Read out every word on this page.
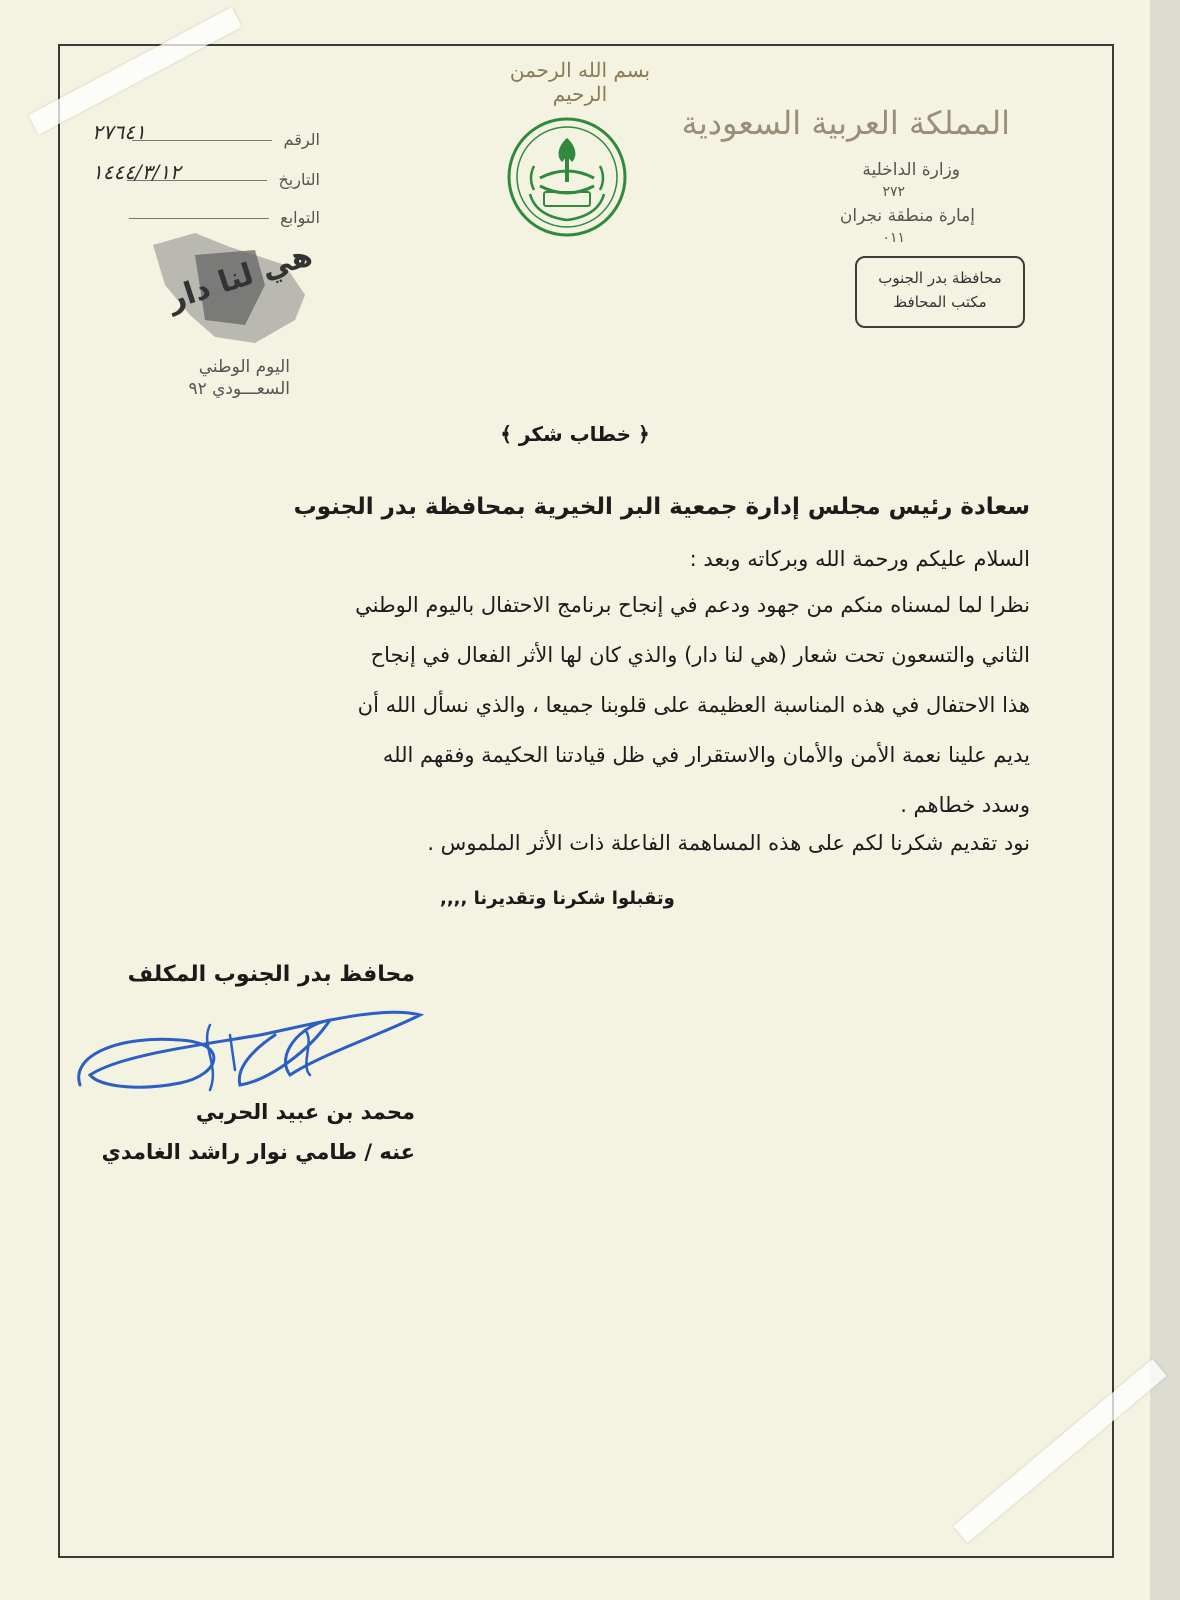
بسم الله الرحمن الرحيم
المملكة العربية السعودية
وزارة الداخلية
٢٧٢
إمارة منطقة نجران
٠١١
محافظة بدر الجنوب
مكتب المحافظ
الرقم
٢٧٦٤١
التاريخ
١٤٤٤/٣/١٢
التوابع
هي لنا دار
اليوم الوطني
السعـــودي ٩٢
﴿ خطاب شكر ﴾
سعادة رئيس مجلس إدارة جمعية البر الخيرية بمحافظة بدر الجنوب
السلام عليكم ورحمة الله وبركاته وبعد :
نظرا لما لمسناه منكم من جهود ودعم في إنجاح برنامج الاحتفال باليوم الوطني
الثاني والتسعون تحت شعار (هي لنا دار) والذي كان لها الأثر الفعال في إنجاح
هذا الاحتفال في هذه المناسبة العظيمة على قلوبنا جميعا ، والذي نسأل الله أن
يديم علينا نعمة الأمن والأمان والاستقرار في ظل قيادتنا الحكيمة وفقهم الله
وسدد خطاهم .
نود تقديم شكرنا لكم على هذه المساهمة الفاعلة ذات الأثر الملموس .
وتقبلوا شكرنا وتقديرنا ,,,,
محافظ بدر الجنوب المكلف
محمد بن عبيد الحربي
عنه / طامي نوار راشد الغامدي
